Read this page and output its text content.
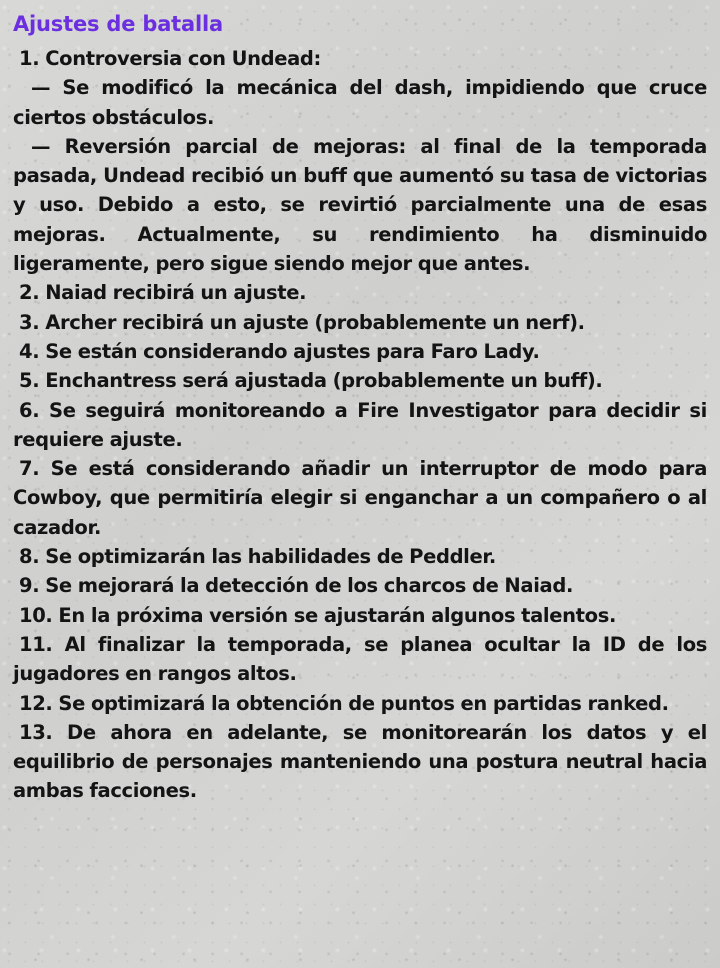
Ajustes de batalla

1. Controversia con Undead:

— Se modificó la mecánica del dash, impidiendo que cruce ciertos obstáculos.

— Reversión parcial de mejoras: al final de la temporada pasada, Undead recibió un buff que aumentó su tasa de victorias y uso. Debido a esto, se revirtió parcialmente una de esas mejoras. Actualmente, su rendimiento ha disminuido ligeramente, pero sigue siendo mejor que antes.

2. Naiad recibirá un ajuste.

3. Archer recibirá un ajuste (probablemente un nerf).

4. Se están considerando ajustes para Faro Lady.

5. Enchantress será ajustada (probablemente un buff).

6. Se seguirá monitoreando a Fire Investigator para decidir si requiere ajuste.

7. Se está considerando añadir un interruptor de modo para Cowboy, que permitiría elegir si enganchar a un compañero o al cazador.

8. Se optimizarán las habilidades de Peddler.

9. Se mejorará la detección de los charcos de Naiad.

10. En la próxima versión se ajustarán algunos talentos.

11. Al finalizar la temporada, se planea ocultar la ID de los jugadores en rangos altos.

12. Se optimizará la obtención de puntos en partidas ranked.

13. De ahora en adelante, se monitorearán los datos y el equilibrio de personajes manteniendo una postura neutral hacia ambas facciones.
